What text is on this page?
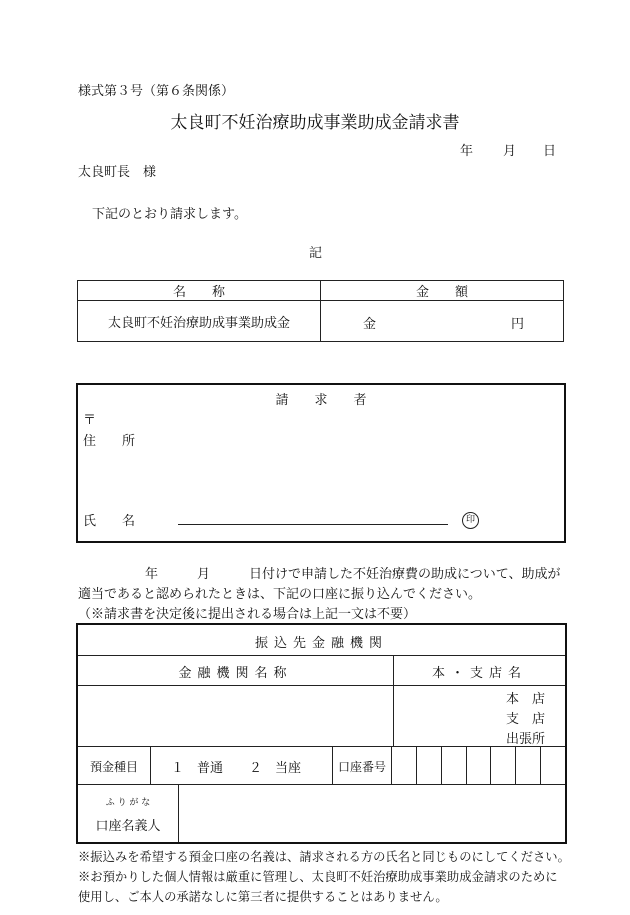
様式第３号（第６条関係）
太良町不妊治療助成事業助成金請求書
年 月 日
太良町長　様
下記のとおり請求します。
記
名　　称	金　　額
太良町不妊治療助成事業助成金	金 円
請　　求　　者
〒
住　　所
氏　　名	印
年　　　月　　　日付けで申請した不妊治療費の助成について、助成が
適当であると認められたときは、下記の口座に振り込んでください。
（※請求書を決定後に提出される場合は上記一文は不要）
振込先金融機関
金融機関名称	本・支店名
本　店
支　店
出張所
預金種目	１　普通　　２　当座	口座番号
ふ り が な
口座名義人
※振込みを希望する預金口座の名義は、請求される方の氏名と同じものにしてください。
※お預かりした個人情報は厳重に管理し、太良町不妊治療助成事業助成金請求のために
使用し、ご本人の承諾なしに第三者に提供することはありません。
